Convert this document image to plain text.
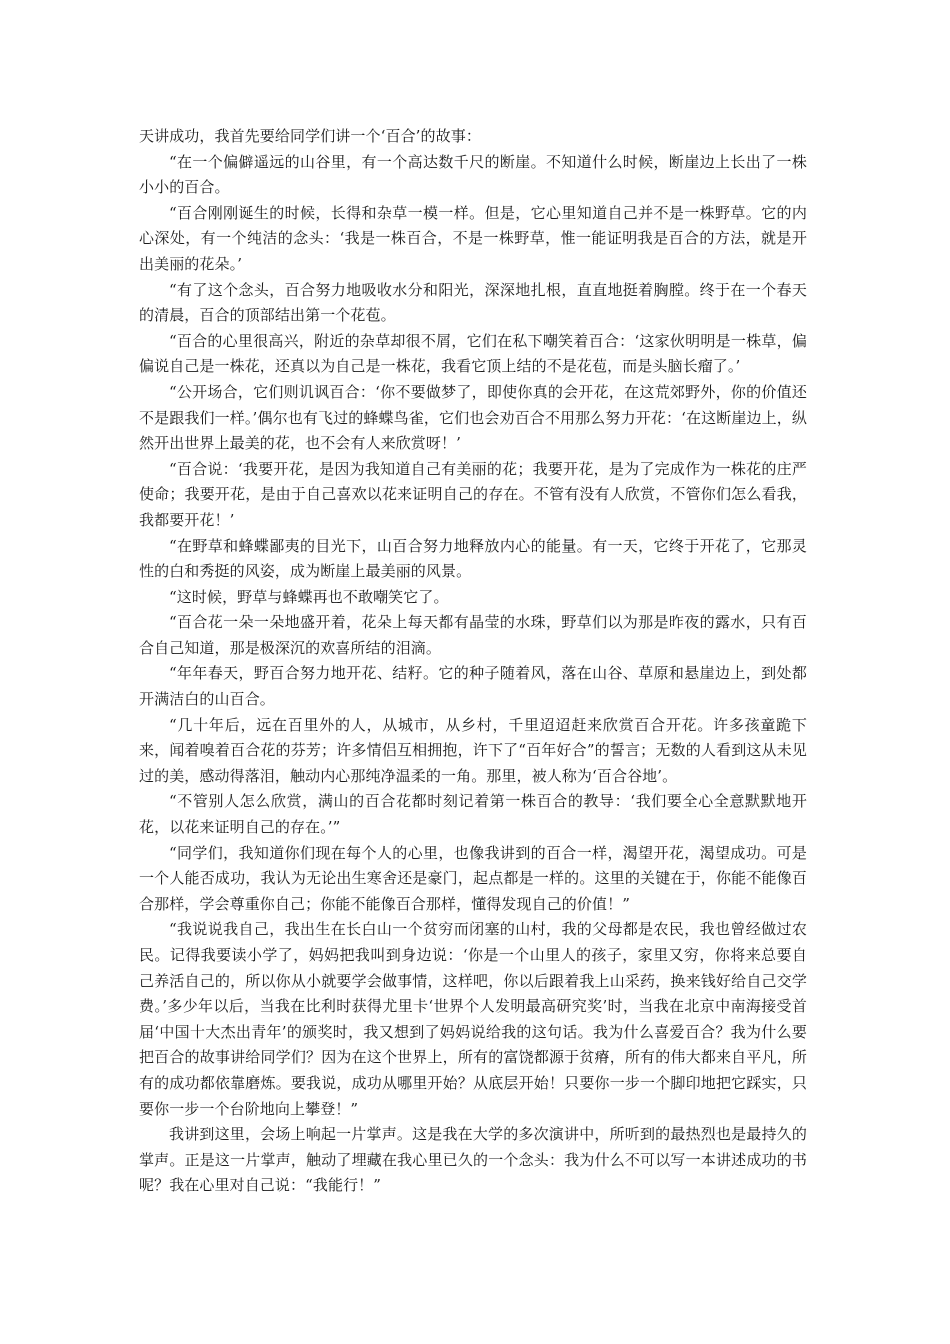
天讲成功，我首先要给同学们讲一个‘百合’的故事：

“在一个偏僻遥远的山谷里，有一个高达数千尺的断崖。不知道什么时候，断崖边上长出了一株小小的百合。

“百合刚刚诞生的时候，长得和杂草一模一样。但是，它心里知道自己并不是一株野草。它的内心深处，有一个纯洁的念头：‘我是一株百合，不是一株野草，惟一能证明我是百合的方法，就是开出美丽的花朵。’

“有了这个念头，百合努力地吸收水分和阳光，深深地扎根，直直地挺着胸膛。终于在一个春天的清晨，百合的顶部结出第一个花苞。

“百合的心里很高兴，附近的杂草却很不屑，它们在私下嘲笑着百合：‘这家伙明明是一株草，偏偏说自己是一株花，还真以为自己是一株花，我看它顶上结的不是花苞，而是头脑长瘤了。’

“公开场合，它们则讥讽百合：‘你不要做梦了，即使你真的会开花，在这荒郊野外，你的价值还不是跟我们一样。’偶尔也有飞过的蜂蝶鸟雀，它们也会劝百合不用那么努力开花：‘在这断崖边上，纵然开出世界上最美的花，也不会有人来欣赏呀！’

“百合说：‘我要开花，是因为我知道自己有美丽的花；我要开花，是为了完成作为一株花的庄严使命；我要开花，是由于自己喜欢以花来证明自己的存在。不管有没有人欣赏，不管你们怎么看我，我都要开花！’

“在野草和蜂蝶鄙夷的目光下，山百合努力地释放内心的能量。有一天，它终于开花了，它那灵性的白和秀挺的风姿，成为断崖上最美丽的风景。

“这时候，野草与蜂蝶再也不敢嘲笑它了。

“百合花一朵一朵地盛开着，花朵上每天都有晶莹的水珠，野草们以为那是昨夜的露水，只有百合自己知道，那是极深沉的欢喜所结的泪滴。

“年年春天，野百合努力地开花、结籽。它的种子随着风，落在山谷、草原和悬崖边上，到处都开满洁白的山百合。

“几十年后，远在百里外的人，从城市，从乡村，千里迢迢赶来欣赏百合开花。许多孩童跪下来，闻着嗅着百合花的芬芳；许多情侣互相拥抱，许下了“百年好合”的誓言；无数的人看到这从未见过的美，感动得落泪，触动内心那纯净温柔的一角。那里，被人称为‘百合谷地’。

“不管别人怎么欣赏，满山的百合花都时刻记着第一株百合的教导：‘我们要全心全意默默地开花，以花来证明自己的存在。’”

“同学们，我知道你们现在每个人的心里，也像我讲到的百合一样，渴望开花，渴望成功。可是一个人能否成功，我认为无论出生寒舍还是豪门，起点都是一样的。这里的关键在于，你能不能像百合那样，学会尊重你自己；你能不能像百合那样，懂得发现自己的价值！”

“我说说我自己，我出生在长白山一个贫穷而闭塞的山村，我的父母都是农民，我也曾经做过农民。记得我要读小学了，妈妈把我叫到身边说：‘你是一个山里人的孩子，家里又穷，你将来总要自己养活自己的，所以你从小就要学会做事情，这样吧，你以后跟着我上山采药，换来钱好给自己交学费。’多少年以后，当我在比利时获得尤里卡‘世界个人发明最高研究奖’时，当我在北京中南海接受首届‘中国十大杰出青年’的颁奖时，我又想到了妈妈说给我的这句话。我为什么喜爱百合？我为什么要把百合的故事讲给同学们？因为在这个世界上，所有的富饶都源于贫瘠，所有的伟大都来自平凡，所有的成功都依靠磨炼。要我说，成功从哪里开始？从底层开始！只要你一步一个脚印地把它踩实，只要你一步一个台阶地向上攀登！”

我讲到这里，会场上响起一片掌声。这是我在大学的多次演讲中，所听到的最热烈也是最持久的掌声。正是这一片掌声，触动了埋藏在我心里已久的一个念头：我为什么不可以写一本讲述成功的书呢？我在心里对自己说：“我能行！”
